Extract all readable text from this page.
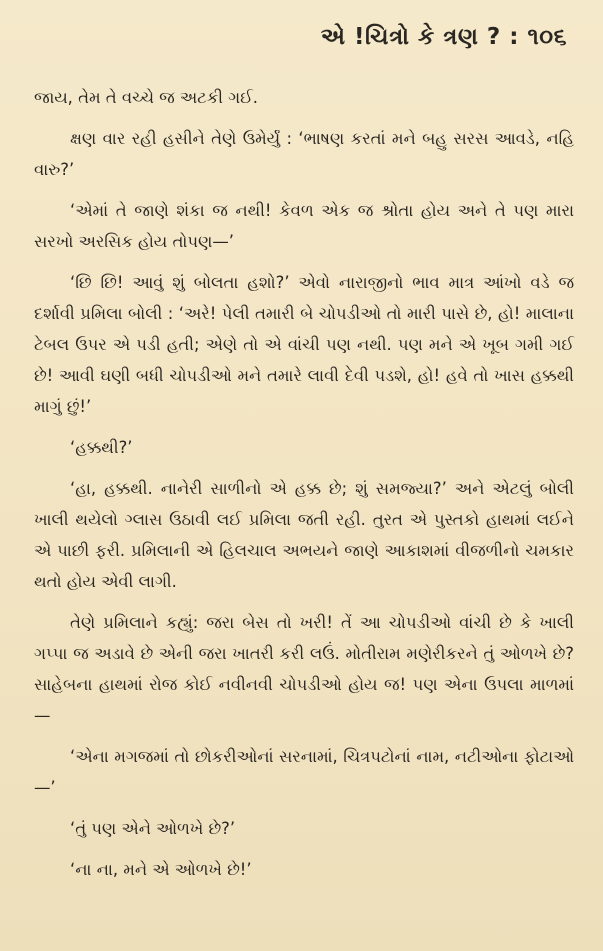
એ !ચિત્રો કે ત્રણ ? : ૧૦૬

જાય, તેમ તે વચ્ચે જ અટકી ગઈ.

ક્ષણ વાર રહી હસીને તેણે ઉમેર્યું : ‘ભાષણ કરતાં મને બહુ સરસ આવડે, નહિ વારુ?’

‘એમાં તે જાણે શંકા જ નથી! કેવળ એક જ શ્રોતા હોય અને તે પણ મારા સરખો અરસિક હોય તોપણ—’

‘છિ છિ! આવું શું બોલતા હશો?’ એવો નારાજીનો ભાવ માત્ર આંખો વડે જ દર્શાવી પ્રમિલા બોલી : ‘અરે! પેલી તમારી બે ચોપડીઓ તો મારી પાસે છે, હો! માલાના ટેબલ ઉપર એ પડી હતી; એણે તો એ વાંચી પણ નથી. પણ મને એ ખૂબ ગમી ગઈ છે! આવી ઘણી બધી ચોપડીઓ મને તમારે લાવી દેવી પડશે, હો! હવે તો ખાસ હક્કથી માગું છું!’

‘હક્કથી?’

‘હા, હક્કથી. નાનેરી સાળીનો એ હક્ક છે; શું સમજ્યા?’ અને એટલું બોલી ખાલી થયેલો ગ્લાસ ઉઠાવી લઈ પ્રમિલા જતી રહી. તુરત એ પુસ્તકો હાથમાં લઈને એ પાછી ફરી. પ્રમિલાની એ હિલચાલ અભયને જાણે આકાશમાં વીજળીનો ચમકાર થતો હોય એવી લાગી.

તેણે પ્રમિલાને કહ્યું: જરા બેસ તો ખરી! તેં આ ચોપડીઓ વાંચી છે કે ખાલી ગપ્પા જ અડાવે છે એની જરા ખાતરી કરી લઉં. મોતીરામ મણેરીકરને તું ઓળખે છે? સાહેબના હાથમાં રોજ કોઈ નવીનવી ચોપડીઓ હોય જ! પણ એના ઉપલા માળમાં—

‘એના મગજમાં તો છોકરીઓનાં સરનામાં, ચિત્રપટોનાં નામ, નટીઓના ફોટાઓ—’

‘તું પણ એને ઓળખે છે?’

‘ના ના, મને એ ઓળખે છે!’
